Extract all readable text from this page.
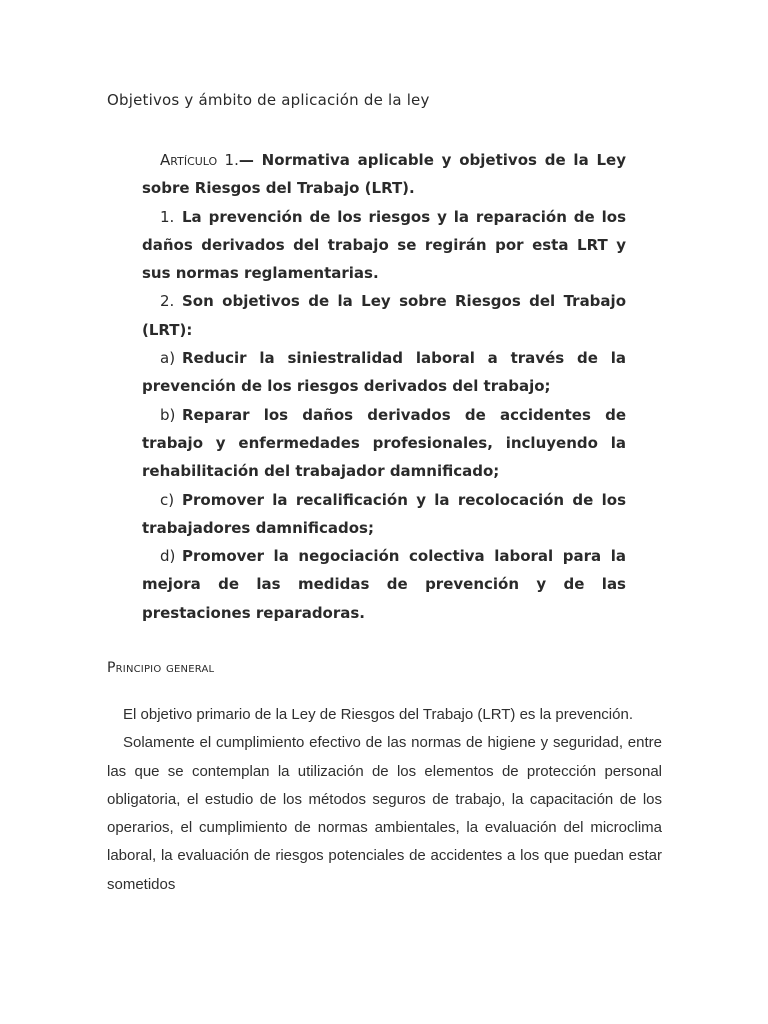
Objetivos y ámbito de aplicación de la ley

Artículo 1.— Normativa aplicable y objetivos de la Ley sobre Riesgos del Trabajo (LRT).

1. La prevención de los riesgos y la reparación de los daños derivados del trabajo se regirán por esta LRT y sus normas reglamentarias.

2. Son objetivos de la Ley sobre Riesgos del Trabajo (LRT):

a) Reducir la siniestralidad laboral a través de la prevención de los riesgos derivados del trabajo;

b) Reparar los daños derivados de accidentes de trabajo y enfermedades profesionales, incluyendo la rehabilitación del trabajador damnificado;

c) Promover la recalificación y la recolocación de los trabajadores damnificados;

d) Promover la negociación colectiva laboral para la mejora de las medidas de prevención y de las prestaciones reparadoras.

Principio general

El objetivo primario de la Ley de Riesgos del Trabajo (LRT) es la prevención.

Solamente el cumplimiento efectivo de las normas de higiene y seguridad, entre las que se contemplan la utilización de los elementos de protección personal obligatoria, el estudio de los métodos seguros de trabajo, la capacitación de los operarios, el cumplimiento de normas ambientales, la evaluación del microclima laboral, la evaluación de riesgos potenciales de accidentes a los que puedan estar sometidos
